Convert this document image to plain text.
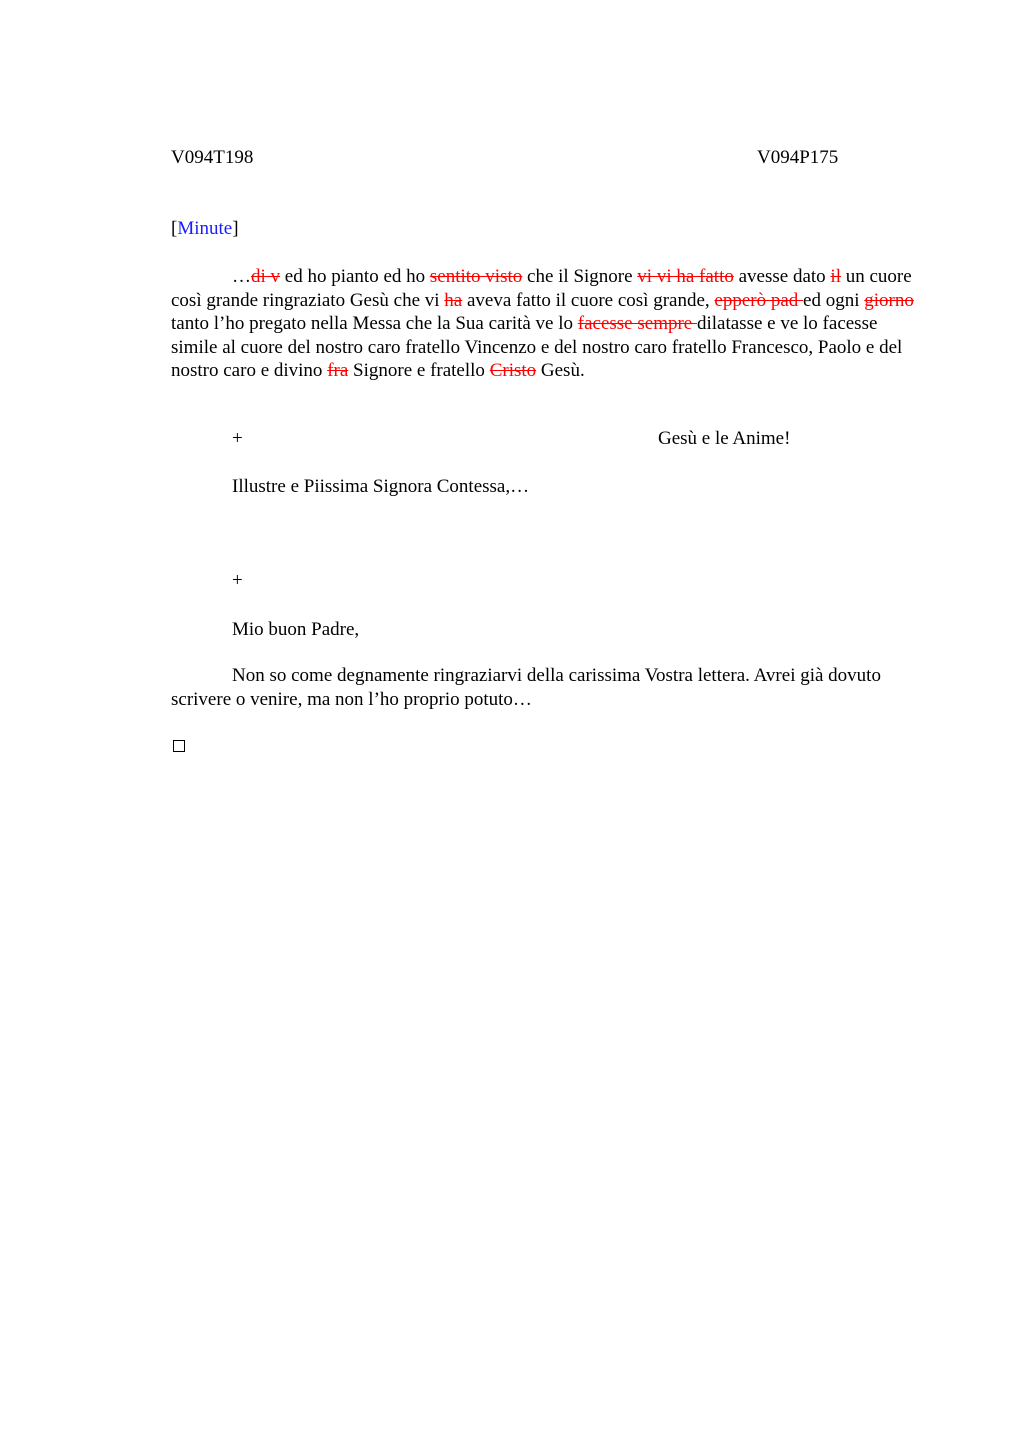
V094T198	V094P175
[Minute]

…di v ed ho pianto ed ho sentito visto che il Signore vi vi ha fatto avesse dato il un cuore così grande ringraziato Gesù che vi ha aveva fatto il cuore così grande, epperò pad ed ogni giorno tanto l’ho pregato nella Messa che la Sua carità ve lo facesse sempre dilatasse e ve lo facesse simile al cuore del nostro caro fratello Vincenzo e del nostro caro fratello Francesco, Paolo e del nostro caro e divino fra Signore e fratello Cristo Gesù.

+	Gesù e le Anime!
Illustre e Piissima Signora Contessa,…
+
Mio buon Padre,

Non so come degnamente ringraziarvi della carissima Vostra lettera. Avrei già dovuto scrivere o venire, ma non l’ho proprio potuto…
